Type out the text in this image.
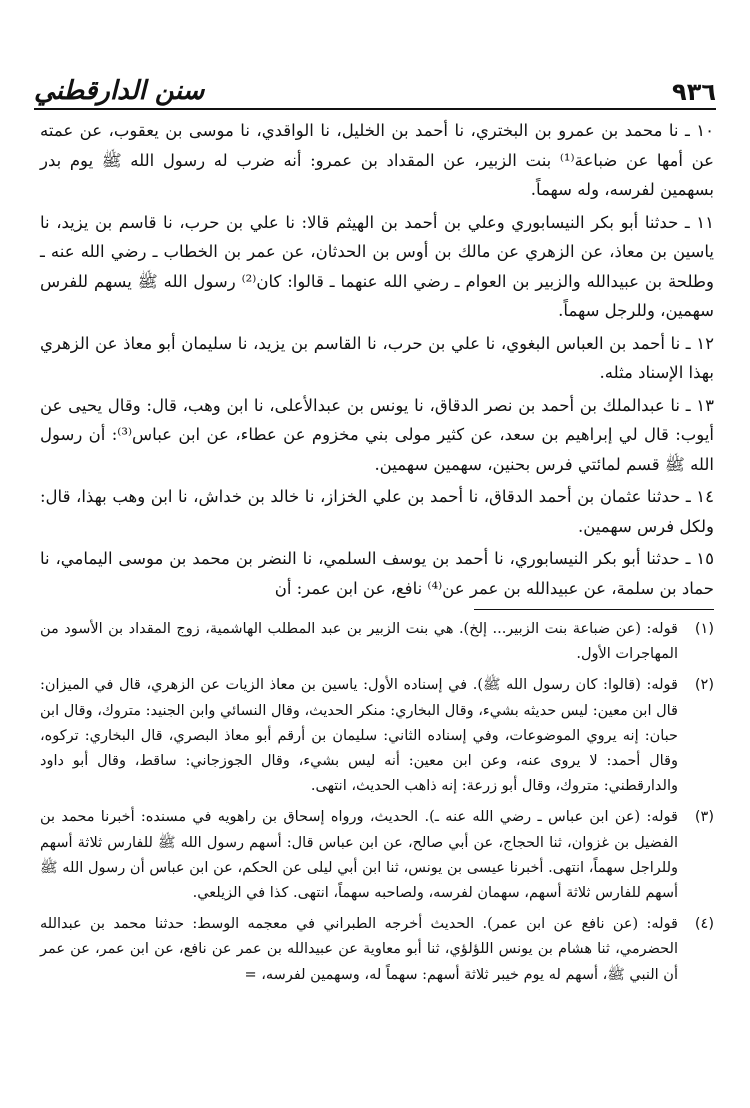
٩٣٦
سنن الدارقطني

١٠ ـ نا محمد بن عمرو بن البختري، نا أحمد بن الخليل، نا الواقدي، نا موسى بن يعقوب، عن عمته عن أمها عن ضباعة⁽¹⁾ بنت الزبير، عن المقداد بن عمرو: أنه ضرب له رسول الله ﷺ يوم بدر بسهمين لفرسه، وله سهماً.

١١ ـ حدثنا أبو بكر النيسابوري وعلي بن أحمد بن الهيثم قالا: نا علي بن حرب، نا قاسم بن يزيد، نا ياسين بن معاذ، عن الزهري عن مالك بن أوس بن الحدثان، عن عمر بن الخطاب ـ رضي الله عنه ـ وطلحة بن عبيدالله والزبير بن العوام ـ رضي الله عنهما ـ قالوا: كان⁽²⁾ رسول الله ﷺ يسهم للفرس سهمين، وللرجل سهماً.

١٢ ـ نا أحمد بن العباس البغوي، نا علي بن حرب، نا القاسم بن يزيد، نا سليمان أبو معاذ عن الزهري بهذا الإسناد مثله.

١٣ ـ نا عبدالملك بن أحمد بن نصر الدقاق، نا يونس بن عبدالأعلى، نا ابن وهب، قال: وقال يحيى عن أيوب: قال لي إبراهيم بن سعد، عن كثير مولى بني مخزوم عن عطاء، عن ابن عباس⁽³⁾: أن رسول الله ﷺ قسم لمائتي فرس بحنين، سهمين سهمين.

١٤ ـ حدثنا عثمان بن أحمد الدقاق، نا أحمد بن علي الخزاز، نا خالد بن خداش، نا ابن وهب بهذا، قال: ولكل فرس سهمين.

١٥ ـ حدثنا أبو بكر النيسابوري، نا أحمد بن يوسف السلمي، نا النضر بن محمد بن موسى اليمامي، نا حماد بن سلمة، عن عبيدالله بن عمر عن⁽⁴⁾ نافع، عن ابن عمر: أن

(١)
قوله: (عن ضباعة بنت الزبير... إلخ). هي بنت الزبير بن عبد المطلب الهاشمية، زوج المقداد بن الأسود من المهاجرات الأول.
(٢)
قوله: (قالوا: كان رسول الله ﷺ). في إسناده الأول: ياسين بن معاذ الزيات عن الزهري، قال في الميزان: قال ابن معين: ليس حديثه بشيء، وقال البخاري: منكر الحديث، وقال النسائي وابن الجنيد: متروك، وقال ابن حبان: إنه يروي الموضوعات، وفي إسناده الثاني: سليمان بن أرقم أبو معاذ البصري، قال البخاري: تركوه، وقال أحمد: لا يروى عنه، وعن ابن معين: أنه ليس بشيء، وقال الجوزجاني: ساقط، وقال أبو داود والدارقطني: متروك، وقال أبو زرعة: إنه ذاهب الحديث، انتهى.
(٣)
قوله: (عن ابن عباس ـ رضي الله عنه ـ). الحديث، ورواه إسحاق بن راهويه في مسنده: أخبرنا محمد بن الفضيل بن غزوان، ثنا الحجاج، عن أبي صالح، عن ابن عباس قال: أسهم رسول الله ﷺ للفارس ثلاثة أسهم وللراجل سهماً، انتهى. أخبرنا عيسى بن يونس، ثنا ابن أبي ليلى عن الحكم، عن ابن عباس أن رسول الله ﷺ أسهم للفارس ثلاثة أسهم، سهمان لفرسه، ولصاحبه سهماً، انتهى. كذا في الزيلعي.
(٤)
قوله: (عن نافع عن ابن عمر). الحديث أخرجه الطبراني في معجمه الوسط: حدثنا محمد بن عبدالله الحضرمي، ثنا هشام بن يونس اللؤلؤي، ثنا أبو معاوية عن عبيدالله بن عمر عن نافع، عن ابن عمر، عن عمر أن النبي ﷺ، أسهم له يوم خيبر ثلاثة أسهم: سهماً له، وسهمين لفرسه، =
